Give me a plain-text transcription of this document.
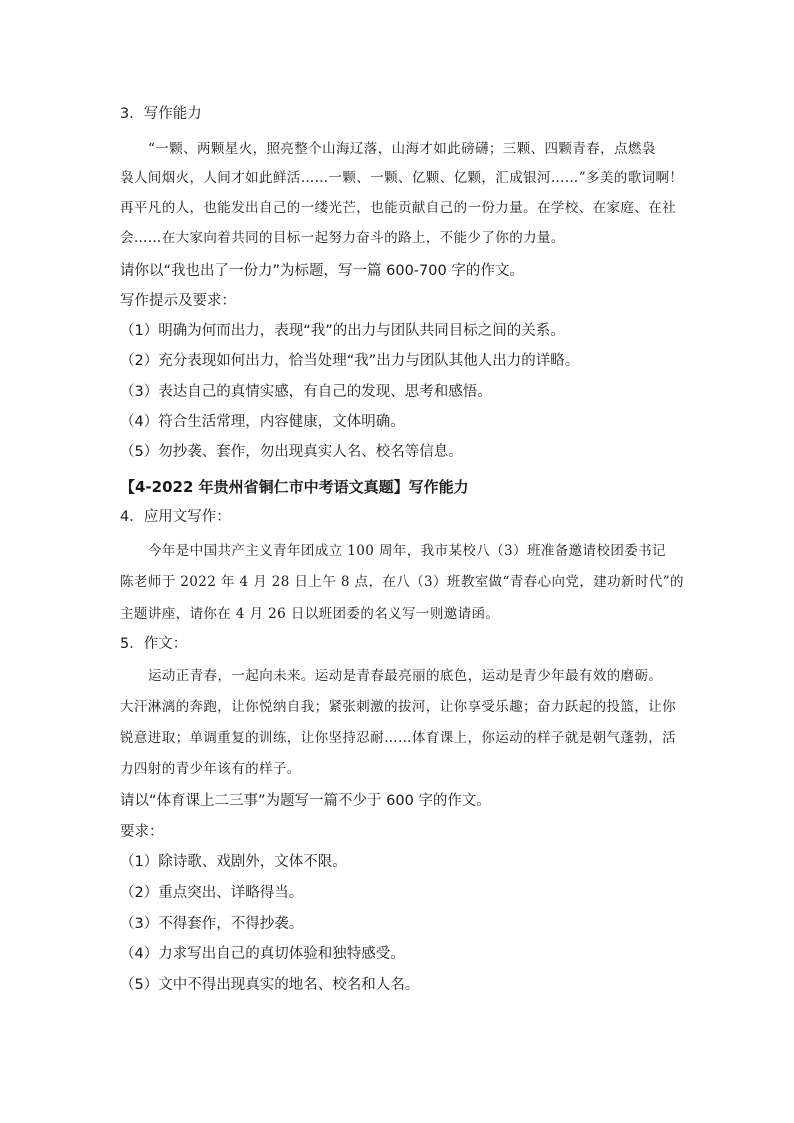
3．写作能力
“一颗、两颗星火，照亮整个山海辽落，山海才如此磅礴；三颗、四颗青春，点燃袅
袅人间烟火，人间才如此鲜活……一颗、一颗、亿颗、亿颗，汇成银河……”多美的歌词啊！
再平凡的人，也能发出自己的一缕光芒，也能贡献自己的一份力量。在学校、在家庭、在社
会……在大家向着共同的目标一起努力奋斗的路上，不能少了你的力量。
请你以“我也出了一份力”为标题，写一篇 600-700 字的作文。
写作提示及要求：
（1）明确为何而出力，表现“我”的出力与团队共同目标之间的关系。
（2）充分表现如何出力，恰当处理“我”出力与团队其他人出力的详略。
（3）表达自己的真情实感，有自己的发现、思考和感悟。
（4）符合生活常理，内容健康，文体明确。
（5）勿抄袭、套作，勿出现真实人名、校名等信息。
【4-2022 年贵州省铜仁市中考语文真题】写作能力
4．应用文写作：
今年是中国共产主义青年团成立 100 周年，我市某校八（3）班准备邀请校团委书记
陈老师于 2022 年 4 月 28 日上午 8 点，在八（3）班教室做“青春心向党，建功新时代”的
主题讲座，请你在 4 月 26 日以班团委的名义写一则邀请函。
5．作文：
运动正青春，一起向未来。运动是青春最亮丽的底色，运动是青少年最有效的磨砺。
大汗淋漓的奔跑，让你悦纳自我；紧张刺激的拔河，让你享受乐趣；奋力跃起的投篮，让你
锐意进取；单调重复的训练，让你坚持忍耐……体育课上，你运动的样子就是朝气蓬勃，活
力四射的青少年该有的样子。
请以“体育课上二三事”为题写一篇不少于 600 字的作文。
要求：
（1）除诗歌、戏剧外，文体不限。
（2）重点突出、详略得当。
（3）不得套作，不得抄袭。
（4）力求写出自己的真切体验和独特感受。
（5）文中不得出现真实的地名、校名和人名。
